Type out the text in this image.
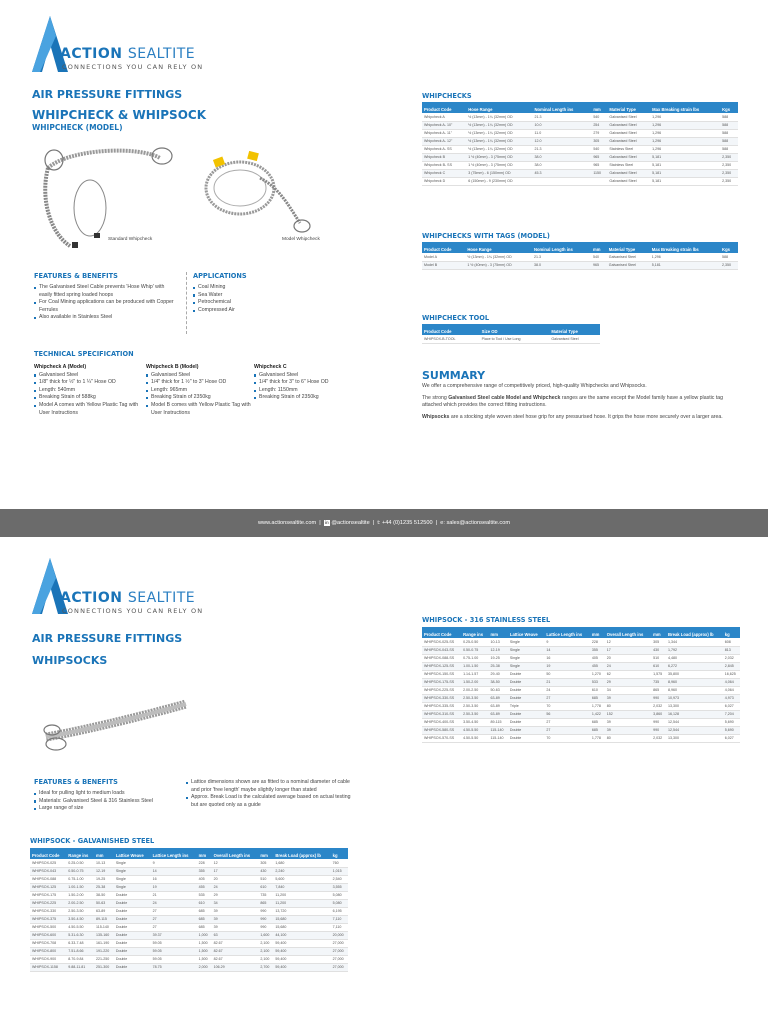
ACTION SEALTITE
CONNECTIONS YOU CAN RELY ON
AIR PRESSURE FITTINGS
WHIPCHECK & WHIPSOCK
WHIPCHECK (MODEL)
Standard Whipcheck	Model Whipcheck
FEATURES & BENEFITS
The Galvanised Steel Cable prevents 'Hose Whip' with easily fitted spring loaded hoops
For Coal Mining applications can be produced with Copper Ferrules
Also available in Stainless Steel
APPLICATIONS
Coal Mining
Sea Water
Petrochemical
Compressed Air
TECHNICAL SPECIFICATION
Whipcheck A (Model)
Galvanised Steel
1/8" thick for ½" to 1 ¼" Hose OD
Length: 540mm
Breaking Strain of 588kg
Model A comes with Yellow Plastic Tag with User Instructions
Whipcheck B (Model)
Galvanised Steel
1/4" thick for 1 ½" to 3" Hose OD
Length: 965mm
Breaking Strain of 2350kg
Model B comes with Yellow Plastic Tag with User Instructions
Whipcheck C
Galvanised Steel
1/4" thick for 3" to 6" Hose OD
Length: 1150mm
Breaking Strain of 2350kg
WHIPCHECKS
Product Code	Hose Range	Nominal Length ins	mm	Material Type	Max Breaking strain lbs	Kgs
Whipcheck A	½ (13mm) - 1¼ (32mm) OD	21.3	540	Galvanised Steel	1,296	588
Whipcheck A- 10"	½ (13mm) - 1¼ (32mm) OD	10.0	254	Galvanised Steel	1,296	588
Whipcheck A- 11"	½ (13mm) - 1¼ (32mm) OD	11.0	279	Galvanised Steel	1,296	588
Whipcheck A- 12"	½ (13mm) - 1¼ (32mm) OD	12.0	305	Galvanised Steel	1,296	588
Whipcheck A- SS	½ (13mm) - 1¼ (32mm) OD	21.3	540	Stainless Steel	1,296	588
Whipcheck B	1 ½ (40mm) - 3 (75mm) OD	38.0	965	Galvanised Steel	5,181	2,350
Whipcheck B- SS	1 ½ (40mm) - 3 (75mm) OD	38.0	965	Stainless Steel	5,181	2,350
Whipcheck C	3 (75mm) - 6 (150mm) OD	45.3	1150	Galvanised Steel	5,181	2,350
Whipcheck D	6 (150mm) - 9 (230mm) OD			Galvanised Steel	5,181	2,350
WHIPCHECKS WITH TAGS (MODEL)
Product Code	Hose Range	Nominal Length ins	mm	Material Type	Max Breaking strain lbs	Kgs
Model A	½ (13mm) - 1¼ (32mm) OD	21.3	540	Galvanised Steel	1,296	588
Model B	1 ½ (40mm) - 3 (75mm) OD	38.0	965	Galvanised Steel	5,181	2,350
WHIPCHECK TOOL
Product Code	Size OD	Material Type
WHIPSOX-B-TOOL	Place to Tool / Use Long	Galvanised Steel
SUMMARY

We offer a comprehensive range of competitively priced, high-quality Whipchecks and Whipsocks.

The strong Galvanised Steel cable Model and Whipcheck ranges are the same except the Model family have a yellow plastic tag attached which provides the correct fitting instructions.

Whipsocks are a stocking style woven steel hose grip for any pressurised hose. It grips the hose more securely over a larger area.

www.actionsealtite.com | in @actionsealtite | t: +44 (0)1235 512500 | e: sales@actionsealtite.com
ACTION SEALTITE
CONNECTIONS YOU CAN RELY ON
AIR PRESSURE FITTINGS
WHIPSOCKS
FEATURES & BENEFITS
Ideal for pulling light to medium loads
Materials: Galvanised Steel & 316 Stainless Steel
Large range of size
Lattice dimensions shown are as fitted to a nominal diameter of cable and prior 'free length' maybe slightly longer than stated
Approx. Break Load is the calculated average based on actual testing but are quoted only as a guide
WHIPSOCK - GALVANISHED STEEL
Product Code	Range ins	mm	Lattice Weave	Lattice Length ins	mm	Overall Length ins	mm	Break Load (approx) lb	kg
WHIPSOX-025	0.25-0.50	10-13	Single	9	228	12	305	1,680	760
WHIPSOX-043	0.50-0.75	12-19	Single	14	355	17	430	2,240	1,015
WHIPSOX-088	0.75-1.00	19-25	Single	16	405	20	510	5,600	2,540
WHIPSOX-125	1.00-1.50	25-38	Single	19	455	24	610	7,840	3,555
WHIPSOX-175	1.50-2.00	38-50	Double	21	535	29	735	11,200	5,080
WHIPSOX-225	2.00-2.50	50-63	Double	24	610	34	865	11,200	5,080
WHIPSOX-330	2.50-3.50	63-89	Double	27	685	39	990	13,720	6,195
WHIPSOX-375	3.50-4.50	89-115	Double	27	685	39	990	15,680	7,110
WHIPSOX-500	4.50-5.50	115-140	Double	27	685	39	990	15,680	7,110
WHIPSOX-600	5.31-6.30	135-160	Double	39.37	1,000	63	1,600	44,100	20,000
WHIPSOX-708	6.33-7.48	161-190	Double	59.05	1,500	82.67	2,100	59,400	27,000
WHIPSOX-800	7.51-8.66	191-220	Double	59.05	1,500	82.67	2,100	59,400	27,000
WHIPSOX-900	8.70-9.84	221-250	Double	59.05	1,500	82.67	2,100	59,400	27,000
WHIPSOX-1158	9.88-11.81	251-300	Double	78.75	2,000	106.29	2,700	59,400	27,000
WHIPSOCK - 316 STAINLESS STEEL
Product Code	Range ins	mm	Lattice Weave	Lattice Length ins	mm	Overall Length ins	mm	Break Load (approx) lb	kg
WHIPSOX-025-SS	0.25-0.50	10-13	Single	9	228	12	305	1,344	608
WHIPSOX-043-SS	0.50-0.75	12-19	Single	14	355	17	430	1,792	813
WHIPSOX-088-SS	0.75-1.00	19-25	Single	16	405	20	510	4,480	2,032
WHIPSOX-125-SS	1.00-1.50	25-38	Single	19	455	24	610	6,272	2,845
WHIPSOX-150-SS	1.14-1.57	29-40	Double	50	1,270	62	1,575	35,800	16,625
WHIPSOX-175-SS	1.50-2.00	38-50	Double	21	533	29	735	8,960	4,064
WHIPSOX-225-SS	2.00-2.50	50-63	Double	24	610	34	865	8,960	4,064
WHIPSOX-330-SS	2.50-3.50	63-89	Double	27	685	39	990	10,973	4,973
WHIPSOX-335-SS	2.50-3.50	63-89	Triple	70	1,778	80	2,032	13,300	6,027
WHIPSOX-310-SS	2.50-3.50	63-89	Double	56	1,422	152	3,860	16,128	7,204
WHIPSOX-400-SS	3.50-4.50	89-115	Double	27	685	39	990	12,544	5,690
WHIPSOX-580-SS	4.50-5.50	115-140	Double	27	685	39	990	12,544	5,690
WHIPSOX-570-SS	4.50-5.50	115-140	Double	70	1,778	80	2,032	13,300	6,027
